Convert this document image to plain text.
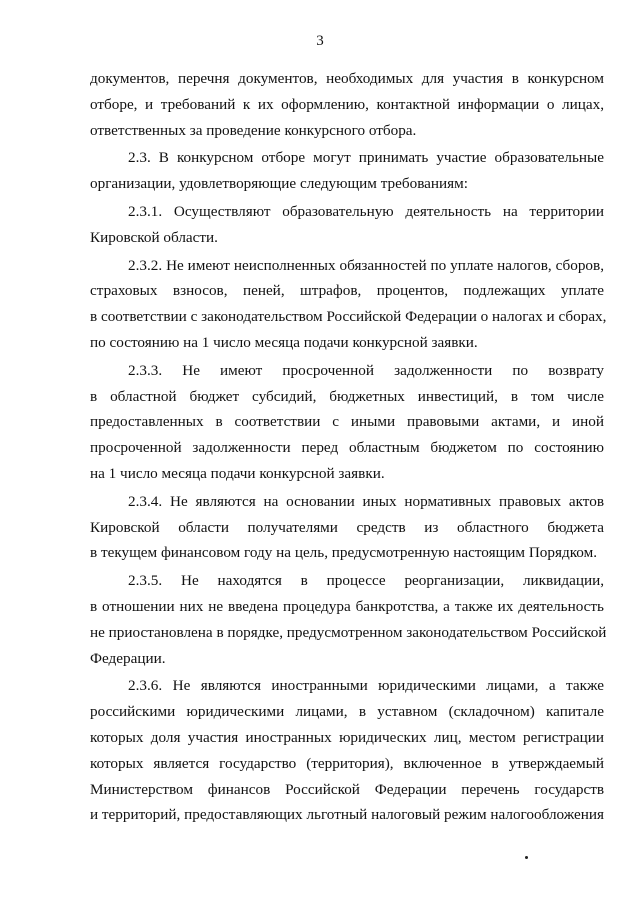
3
документов, перечня документов, необходимых для участия в конкурсном
отборе, и требований к их оформлению, контактной информации о лицах,
ответственных за проведение конкурсного отбора.
2.3. В конкурсном отборе могут принимать участие образовательные
организации, удовлетворяющие следующим требованиям:
2.3.1. Осуществляют образовательную деятельность на территории
Кировской области.
2.3.2. Не имеют неисполненных обязанностей по уплате налогов, сборов,
страховых взносов, пеней, штрафов, процентов, подлежащих уплате
в соответствии с законодательством Российской Федерации о налогах и сборах,
по состоянию на 1 число месяца подачи конкурсной заявки.
2.3.3. Не имеют просроченной задолженности по возврату
в областной бюджет субсидий, бюджетных инвестиций, в том числе
предоставленных в соответствии с иными правовыми актами, и иной
просроченной задолженности перед областным бюджетом по состоянию
на 1 число месяца подачи конкурсной заявки.
2.3.4. Не являются на основании иных нормативных правовых актов
Кировской области получателями средств из областного бюджета
в текущем финансовом году на цель, предусмотренную настоящим Порядком.
2.3.5. Не находятся в процессе реорганизации, ликвидации,
в отношении них не введена процедура банкротства, а также их деятельность
не приостановлена в порядке, предусмотренном законодательством Российской
Федерации.
2.3.6. Не являются иностранными юридическими лицами, а также
российскими юридическими лицами, в уставном (складочном) капитале
которых доля участия иностранных юридических лиц, местом регистрации
которых является государство (территория), включенное в утверждаемый
Министерством финансов Российской Федерации перечень государств
и территорий, предоставляющих льготный налоговый режим налогообложения
